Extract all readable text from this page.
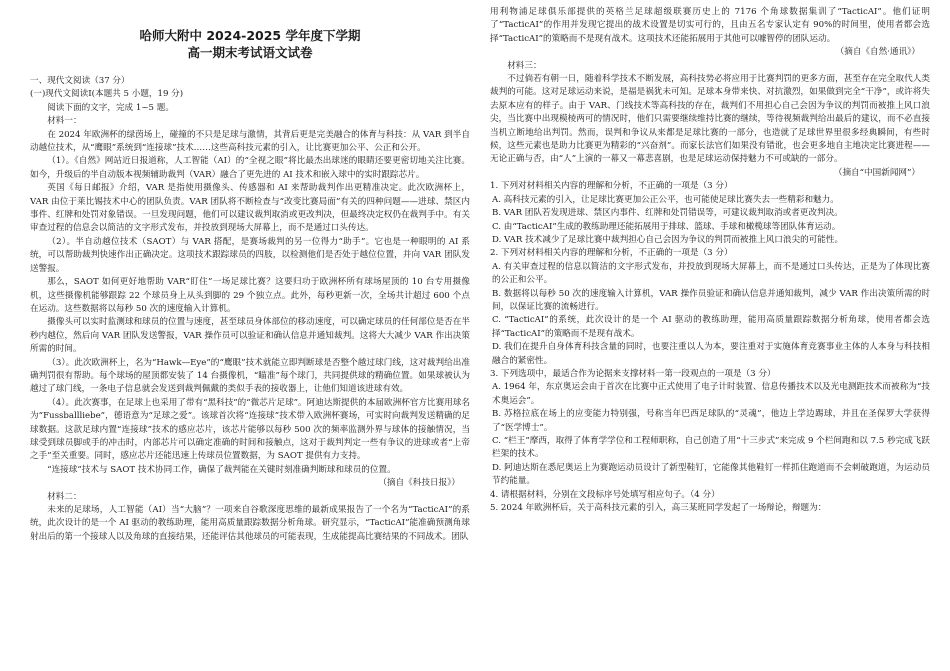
哈师大附中 2024-2025 学年度下学期
高一期末考试语文试卷

一、现代文阅读（37 分）

(一)现代文阅读Ⅰ(本题共 5 小题，19 分)

阅读下面的文字，完成 1~5 题。

材料一：

在 2024 年欧洲杯的绿茵场上，碰撞的不只是足球与激情，其背后更是完美融合的体育与科技：从 VAR 到半自动越位技术，从“鹰眼”系统到“连接球”技术……这些高科技元素的引入，让比赛更加公平、公正和公开。

（1）。《自然》网站近日报道称，人工智能（AI）的“全视之眼”将比最杰出球迷的眼睛还要更密切地关注比赛。如今，升级后的半自动版本视频辅助裁判（VAR）融合了更先进的 AI 技术和嵌入球中的实时跟踪芯片。

英国《每日邮报》介绍，VAR 是指使用摄像头、传感器和 AI 来帮助裁判作出更精准决定。此次欧洲杯上，VAR 由位于莱比锡技术中心的团队负责。VAR 团队将不断检查与“改变比赛局面”有关的四种问题——进球、禁区内事件、红牌和处罚对象错误。一旦发现问题，他们可以建议裁判取消或更改判决，但最终决定权仍在裁判手中。有关审查过程的信息会以简洁的文字形式发布，并投放到现场大屏幕上，而不是通过口头传达。

（2）。半自动越位技术（SAOT）与 VAR 搭配，是赛场裁判的另一位得力“助手”。它也是一种眼明的 AI 系统，可以帮助裁判快速作出正确决定。这项技术跟踪球员的四肢，以检测他们是否处于越位位置，并向 VAR 团队发送警报。

那么，SAOT 如何更好地帮助 VAR“盯住”一场足球比赛？这要归功于欧洲杯所有球场屋顶的 10 台专用摄像机，这些摄像机能够跟踪 22 个球员身上从头到脚的 29 个独立点。此外，每秒更新一次，全场共计超过 600 个点在运动。这些数据将以每秒 50 次的速度输入计算机。

摄像头可以实时监测球和球员的位置与速度，甚至球员身体部位的移动速度，可以确定球员的任何部位是否在半秒内越位，然后向 VAR 团队发送警报，VAR 操作员可以验证和确认信息并通知裁判。这将大大减少 VAR 作出决策所需的时间。

（3）。此次欧洲杯上，名为“Hawk—Eye”的“鹰眼”技术就能立即判断球是否整个越过球门线，这对裁判给出准确判罚很有帮助。每个球场的屋顶都安装了 14 台摄像机，“瞄准”每个球门，共同提供球的精确位置。如果球被认为越过了球门线，一条电子信息就会发送到裁判佩戴的类似手表的接收器上，让他们知道该进球有效。

（4）。此次赛事，在足球上也采用了带有“黑科技”的“微芯片足球”。阿迪达斯提供的本届欧洲杯官方比赛用球名为“Fussballliebe”，德语意为“足球之爱”。该球首次将“连接球”技术带入欧洲杯赛场，可实时向裁判发送精确的足球数据。这款足球内置“连接球”技术的感应芯片，该芯片能够以每秒 500 次的频率监测外界与球体的接触情况，当球受到球员脚或手的冲击时，内部芯片可以确定准确的时间和接触点，这对于裁判判定一些有争议的进球或者“上帝之手”至关重要。同时，感应芯片还能迅速上传球员位置数据，为 SAOT 提供有力支持。

“连接球”技术与 SAOT 技术协同工作，确保了裁判能在关键时刻准确判断球和球员的位置。

（摘自《科技日报》）

材料二：

未来的足球场，人工智能（AI）当“大脑”？一项来自谷歌深度思维的最新成果报告了一个名为“TacticAI”的系统，此次设计的是一个 AI 驱动的教练助理，能用高质量跟踪数据分析角球。研究显示，“TacticAI”能准确预测角球射出后的第一个接球人以及角球的直接结果，还能评估其他球员的可能表现，生成能提高比赛结果的不同战术。团队

用利物浦足球俱乐部提供的英格兰足球超级联赛历史上的 7176 个角球数据集训了“TacticAI”。他们证明了“TacticAI”的作用并发现它提出的战术设置是切实可行的，且由五名专家认定有 90%的时间里，使用者都会选择“TacticAI”的策略而不是现有战术。这项技术还能拓展用于其他可以噱智停的团队运动。

（摘自《自然·通讯》）

材料三：

不过倘若有朝一日，随着科学技术不断发展，高科技势必将应用于比赛判罚的更多方面，甚至存在完全取代人类裁判的可能。这对足球运动来说，是福是祸犹未可知。足球本身带来快、对抗激烈，如果做到完全“干净”，或许将失去原本应有的样子。由于 VAR、门线技术等高科技的存在，裁判们不用担心自己会因为争议的判罚而被推上风口浪尖，当比赛中出现模棱两可的情况时，他们只需要继续维持比赛的继续，等待视频裁判给出最后的建议，而不必直接当机立断地给出判罚。然而，误判和争议从来都是足球比赛的一部分，也造就了足球世界里很多经典瞬间，有些时候，这些元素也是助力比赛更为精彩的“兴奋剂”。而家长法官们如果没有错讹，也会更多地自主地决定比赛进程——无论正确与否，由“人”上演的一幕又一幕悲喜剧，也是足球运动保持魅力不可或缺的一部分。

（摘自“中国新闻网”）

1. 下列对材料相关内容的理解和分析，不正确的一项是（3 分）

A. 高科技元素的引入，让足球比赛更加公正公平，也可能使足球比赛失去一些精彩和魅力。

B. VAR 团队若发现进球、禁区内事件、红牌和处罚错误等，可建议裁判取消或者更改判决。

C. 由“TacticAI”生成的教练助理还能拓展用于排球、篮球、手球和橄榄球等团队体育运动。

D. VAR 技术减少了足球比赛中裁判担心自己会因为争议的判罚而被推上风口浪尖的可能性。

2. 下列对材料相关内容的理解和分析，不正确的一项是（3 分）

A. 有关审查过程的信息以简洁的文字形式发布，并投放到现场大屏幕上，而不是通过口头传达，正是为了体现比赛的公正和公平。

B. 数据将以每秒 50 次的速度输入计算机，VAR 操作员验证和确认信息并通知裁判，减少 VAR 作出决策所需的时间，以保证比赛的流畅进行。

C. “TacticAI”的系统，此次设计的是一个 AI 驱动的教练助理，能用高质量跟踪数据分析角球，使用者都会选择“TacticAI”的策略而不是现有战术。

D. 我们在提升自身体育科技含量的同时，也要注重以人为本，要注重对于实施体育竞赛事业主体的人本身与科技相融合的紧密性。

3. 下列选项中，最适合作为论据来支撑材料一第一段观点的一项是（3 分）

A. 1964 年，东京奥运会由于首次在比赛中正式使用了电子计时装置、信息传播技术以及光电测距技术而被称为“技术奥运会”。

B. 苏格拉底在场上的应变能力特别强，号称当年巴西足球队的“灵魂”，他边上学边踢球，并且在圣保罗大学获得了“医学博士”。

C. “栏王”摩西，取得了体育学学位和工程师职称，自己创造了用“十三步式”来完成 9 个栏间跑和以 7.5 秒完成飞跃栏架的技术。

D. 阿迪达斯在悉尼奥运上为赛跑运动员设计了新型鞋钉，它能像其他鞋钉一样抓住跑道而不会刺破跑道，为运动员节约能量。

4. 请根据材料，分别在文段标序号处填写相应句子。（4 分）

5. 2024 年欧洲杯后，关于高科技元素的引入，高三某班同学发起了一场辩论，辩题为：
